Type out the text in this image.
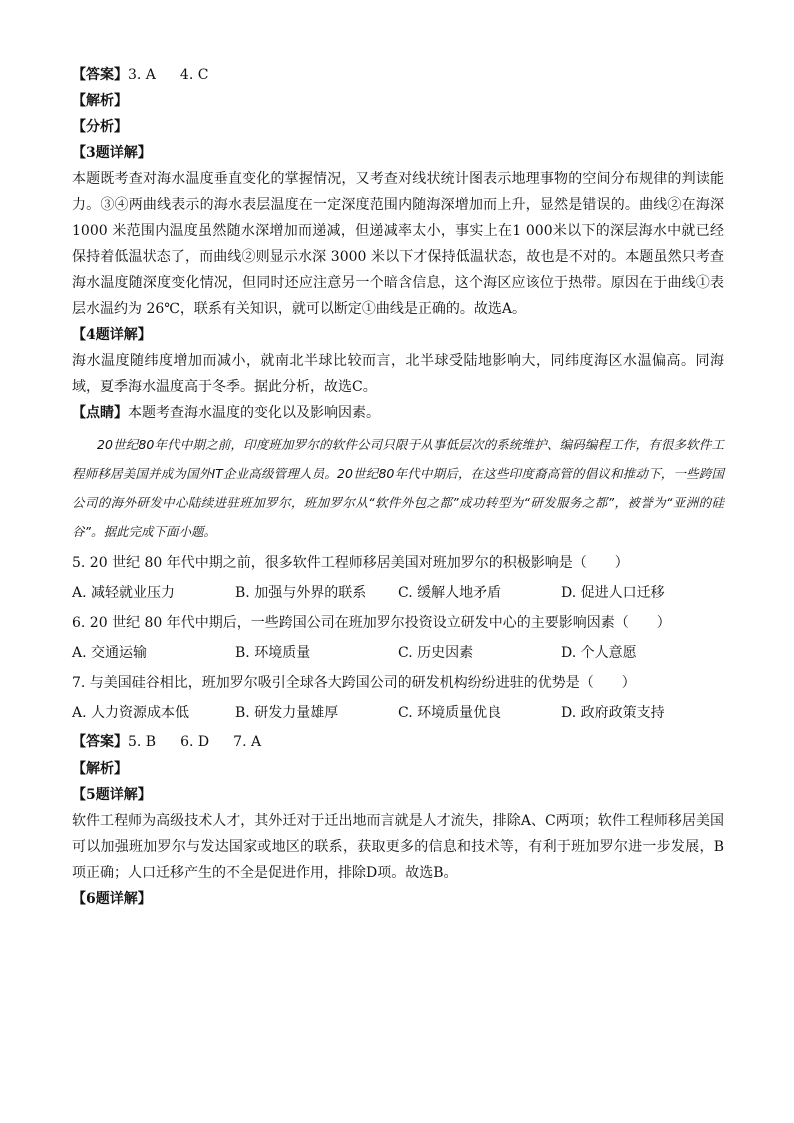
【答案】3. A 4. C
【解析】
【分析】
【3题详解】

本题既考查对海水温度垂直变化的掌握情况，又考查对线状统计图表示地理事物的空间分布规律的判读能力。③④两曲线表示的海水表层温度在一定深度范围内随海深增加而上升，显然是错误的。曲线②在海深1000 米范围内温度虽然随水深增加而递减，但递减率太小，事实上在1 000米以下的深层海水中就已经保持着低温状态了，而曲线②则显示水深 3000 米以下才保持低温状态，故也是不对的。本题虽然只考查海水温度随深度变化情况，但同时还应注意另一个暗含信息，这个海区应该位于热带。原因在于曲线①表层水温约为 26℃，联系有关知识，就可以断定①曲线是正确的。故选A。

【4题详解】

海水温度随纬度增加而减小，就南北半球比较而言，北半球受陆地影响大，同纬度海区水温偏高。同海域，夏季海水温度高于冬季。据此分析，故选C。

【点睛】本题考查海水温度的变化以及影响因素。

20世纪80年代中期之前，印度班加罗尔的软件公司只限于从事低层次的系统维护、编码编程工作，有很多软件工程师移居美国并成为国外IT企业高级管理人员。20世纪80年代中期后，在这些印度裔高管的倡议和推动下，一些跨国公司的海外研发中心陆续进驻班加罗尔，班加罗尔从“软件外包之都”成功转型为“研发服务之都”，被誉为“亚洲的硅谷”。据此完成下面小题。

5. 20 世纪 80 年代中期之前，很多软件工程师移居美国对班加罗尔的积极影响是（　　）
A. 减轻就业压力	B. 加强与外界的联系	C. 缓解人地矛盾	D. 促进人口迁移
6. 20 世纪 80 年代中期后，一些跨国公司在班加罗尔投资设立研发中心的主要影响因素（　　）
A. 交通运输	B. 环境质量	C. 历史因素	D. 个人意愿
7. 与美国硅谷相比，班加罗尔吸引全球各大跨国公司的研发机构纷纷进驻的优势是（　　）
A. 人力资源成本低	B. 研发力量雄厚	C. 环境质量优良	D. 政府政策支持
【答案】5. B 6. D 7. A
【解析】
【5题详解】

软件工程师为高级技术人才，其外迁对于迁出地而言就是人才流失，排除A、C两项；软件工程师移居美国可以加强班加罗尔与发达国家或地区的联系，获取更多的信息和技术等，有利于班加罗尔进一步发展，B项正确；人口迁移产生的不全是促进作用，排除D项。故选B。

【6题详解】
